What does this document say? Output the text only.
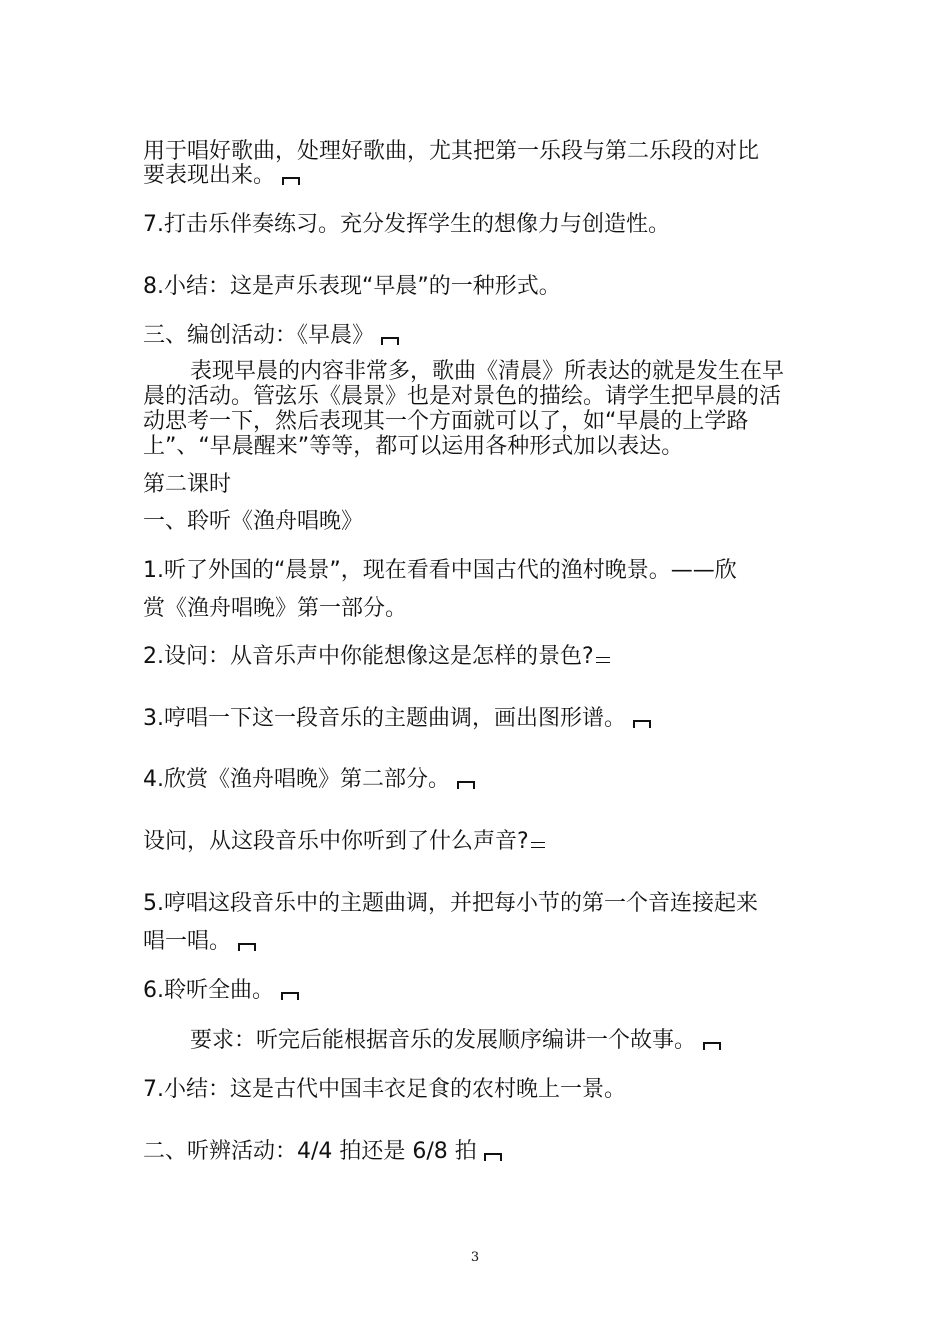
用于唱好歌曲，处理好歌曲，尤其把第一乐段与第二乐段的对比
要表现出来。
7.打击乐伴奏练习。充分发挥学生的想像力与创造性。
8.小结：这是声乐表现“早晨”的一种形式。
三、编创活动：《早晨》
表现早晨的内容非常多，歌曲《清晨》所表达的就是发生在早
晨的活动。管弦乐《晨景》也是对景色的描绘。请学生把早晨的活
动思考一下，然后表现其一个方面就可以了，如“早晨的上学路
上”、“早晨醒来”等等，都可以运用各种形式加以表达。
第二课时
一、聆听《渔舟唱晚》
1.听了外国的“晨景”，现在看看中国古代的渔村晚景。——欣
赏《渔舟唱晚》第一部分。
2.设问：从音乐声中你能想像这是怎样的景色?
3.哼唱一下这一段音乐的主题曲调，画出图形谱。
4.欣赏《渔舟唱晚》第二部分。
设问，从这段音乐中你听到了什么声音?
5.哼唱这段音乐中的主题曲调，并把每小节的第一个音连接起来
唱一唱。
6.聆听全曲。
要求：听完后能根据音乐的发展顺序编讲一个故事。
7.小结：这是古代中国丰衣足食的农村晚上一景。
二、听辨活动：4/4 拍还是 6/8 拍
3
